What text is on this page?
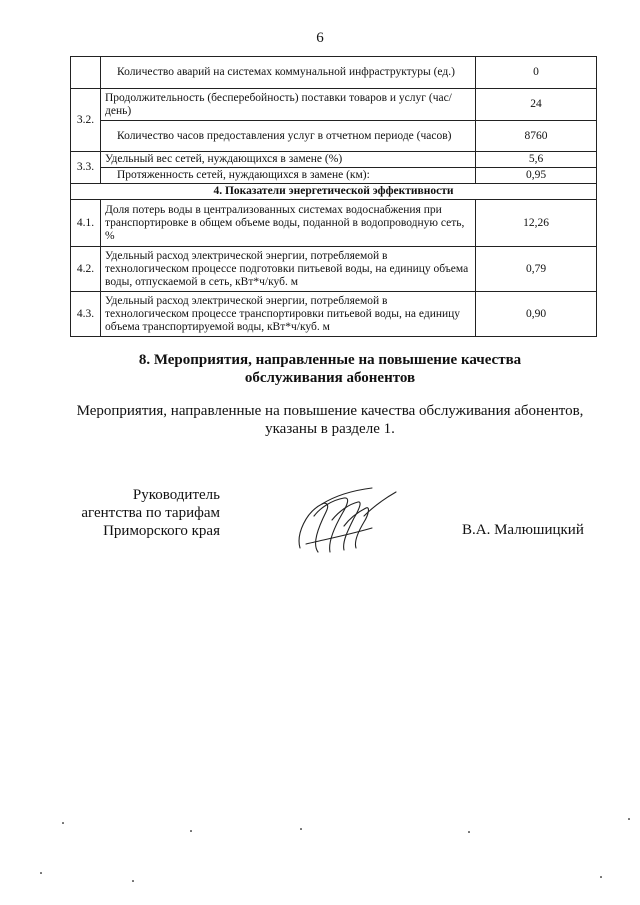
6
	Количество аварий на системах коммунальной инфраструктуры (ед.)	0
3.2.	Продолжительность (бесперебойность) поставки товаров и услуг (час/день)	24
	Количество часов предоставления услуг в отчетном периоде (часов)	8760
3.3.	Удельный вес сетей, нуждающихся в замене (%)	5,6
	Протяженность сетей, нуждающихся в замене (км):	0,95
4. Показатели энергетической эффективности		
4.1.	Доля потерь воды в централизованных системах водоснабжения при транспортировке в общем объеме воды, поданной в водопроводную сеть, %	12,26
4.2.	Удельный расход электрической энергии, потребляемой в технологическом процессе подготовки питьевой воды, на единицу объема воды, отпускаемой в сеть, кВт*ч/куб. м	0,79
4.3.	Удельный расход электрической энергии, потребляемой в технологическом процессе транспортировки питьевой воды, на единицу объема транспортируемой воды, кВт*ч/куб. м	0,90
8. Мероприятия, направленные на повышение качества обслуживания абонентов
Мероприятия, направленные на повышение качества обслуживания абонентов, указаны в разделе 1.
Руководитель
агентства по тарифам
Приморского края	В.А. Малюшицкий
